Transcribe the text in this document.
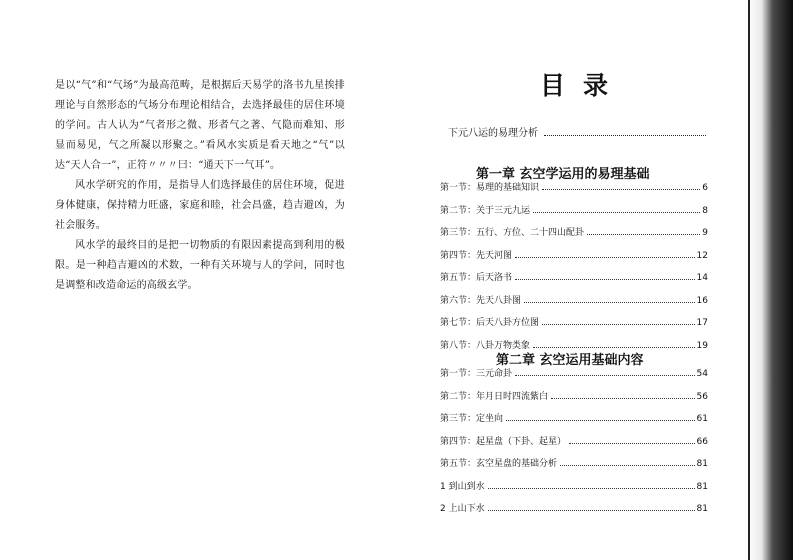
是以“气”和“气场”为最高范畴，是根据后天易学的洛书九星挨排理论与自然形态的气场分布理论相结合，去选择最佳的居住环境的学问。古人认为“气者形之微、形者气之著、气隐而难知、形显而易见，气之所凝以形聚之。”看风水实质是看天地之“气”以达“天人合一”，正符〃〃〃曰：“通天下一气耳”。

风水学研究的作用，是指导人们选择最佳的居住环境，促进身体健康，保持精力旺盛，家庭和睦，社会昌盛，趋吉避凶，为社会服务。

风水学的最终目的是把一切物质的有限因素提高到利用的极限。是一种趋吉避凶的术数，一种有关环境与人的学问，同时也是调整和改造命运的高级玄学。

目录
下元八运的易理分析
第一章 玄空学运用的易理基础
第一节：易理的基础知识	6
第二节：关于三元九运	8
第三节：五行、方位、二十四山配卦	9
第四节：先天河图	12
第五节：后天洛书	14
第六节：先天八卦图	16
第七节：后天八卦方位图	17
第八节：八卦万物类象	19
第二章 玄空运用基础内容
第一节：三元命卦	54
第二节：年月日时四流紫白	56
第三节：定坐向	61
第四节：起星盘（下卦、起星）	66
第五节：玄空星盘的基础分析	81
1 到山到水	81
2 上山下水	81
